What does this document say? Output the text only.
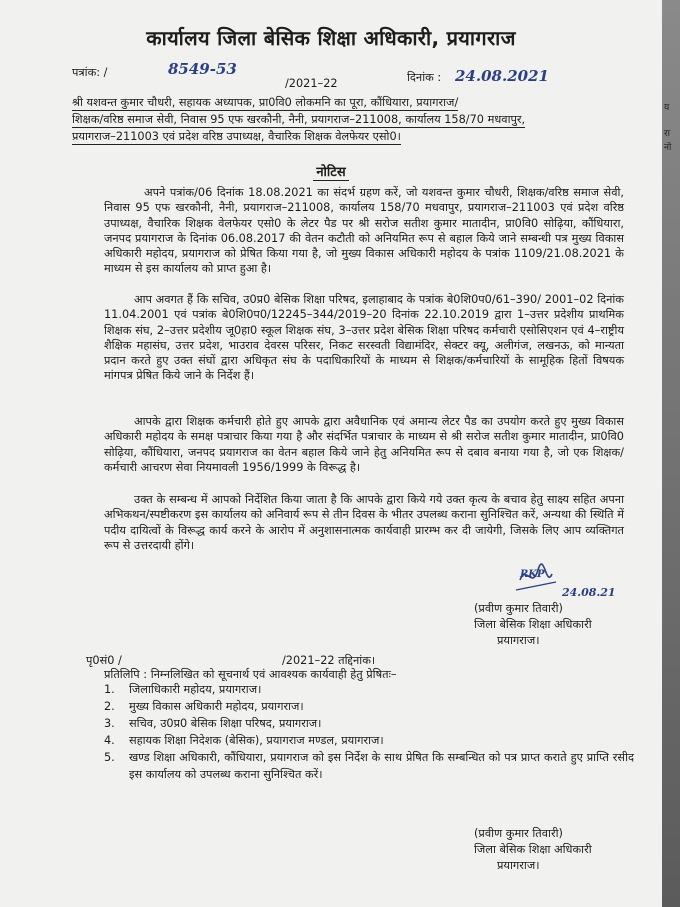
कार्यालय जिला बेसिक शिक्षा अधिकारी, प्रयागराज
पत्रांक: /	8549-53
/2021–22	दिनांक : 24.08.2021
श्री यशवन्त कुमार चौधरी, सहायक अध्यापक, प्रा0वि0 लोकमनि का पूरा, कौंधियारा, प्रयागराज/
शिक्षक/वरिष्ठ समाज सेवी, निवास 95 एफ खरकौनी, नैनी, प्रयागराज–211008, कार्यालय 158/70 मधवापुर,
प्रयागराज–211003 एवं प्रदेश वरिष्ठ उपाध्यक्ष, वैचारिक शिक्षक वेलफेयर एसो0।
नोटिस
अपने पत्रांक/06 दिनांक 18.08.2021 का संदर्भ ग्रहण करें, जो यशवन्त कुमार चौधरी, शिक्षक/वरिष्ठ समाज सेवी, निवास 95 एफ खरकौनी, नैनी, प्रयागराज–211008, कार्यालय 158/70 मधवापुर, प्रयागराज–211003 एवं प्रदेश वरिष्ठ उपाध्यक्ष, वैचारिक शिक्षक वेलफेयर एसो0 के लेटर पैड पर श्री सरोज सतीश कुमार मातादीन, प्रा0वि0 सोढ़िया, कौंधियारा, जनपद प्रयागराज के दिनांक 06.08.2017 की वेतन कटौती को अनियमित रूप से बहाल किये जाने सम्बन्धी पत्र मुख्य विकास अधिकारी महोदय, प्रयागराज को प्रेषित किया गया है, जो मुख्य विकास अधिकारी महोदय के पत्रांक 1109/21.08.2021 के माध्यम से इस कार्यालय को प्राप्त हुआ है।
आप अवगत हैं कि सचिव, उ0प्र0 बेसिक शिक्षा परिषद, इलाहाबाद के पत्रांक बे0शि0प0/61–390/ 2001–02 दिनांक 11.04.2001 एवं पत्रांक बे0शि0प0/12245–344/2019–20 दिनांक 22.10.2019 द्वारा 1–उत्तर प्रदेशीय प्राथमिक शिक्षक संघ, 2–उत्तर प्रदेशीय जू0हा0 स्कूल शिक्षक संघ, 3–उत्तर प्रदेश बेसिक शिक्षा परिषद कर्मचारी एसोसिएशन एवं 4–राष्ट्रीय शैक्षिक महासंघ, उत्तर प्रदेश, भाउराव देवरस परिसर, निकट सरस्वती विद्यामंदिर, सेक्टर क्यू, अलीगंज, लखनऊ, को मान्यता प्रदान करते हुए उक्त संघों द्वारा अधिकृत संघ के पदाधिकारियों के माध्यम से शिक्षक/कर्मचारियों के सामूहिक हितों विषयक मांगपत्र प्रेषित किये जाने के निर्देश हैं।
आपके द्वारा शिक्षक कर्मचारी होते हुए आपके द्वारा अवैधानिक एवं अमान्य लेटर पैड का उपयोग करते हुए मुख्य विकास अधिकारी महोदय के समक्ष पत्राचार किया गया है और संदर्भित पत्राचार के माध्यम से श्री सरोज सतीश कुमार मातादीन, प्रा0वि0 सोढ़िया, कौंधियारा, जनपद प्रयागराज का वेतन बहाल किये जाने हेतु अनियमित रूप से दबाव बनाया गया है, जो एक शिक्षक/कर्मचारी आचरण सेवा नियमावली 1956/1999 के विरूद्ध है।
उक्त के सम्बन्ध में आपको निर्देशित किया जाता है कि आपके द्वारा किये गये उक्त कृत्य के बचाव हेतु साक्ष्य सहित अपना अभिकथन/स्पष्टीकरण इस कार्यालय को अनिवार्य रूप से तीन दिवस के भीतर उपलब्ध कराना सुनिश्चित करें, अन्यथा की स्थिति में पदीय दायित्वों के विरूद्ध कार्य करने के आरोप में अनुशासनात्मक कार्यवाही प्रारम्भ कर दी जायेगी, जिसके लिए आप व्यक्तिगत रूप से उत्तरदायी होंगे।
RKP
24.08.21
(प्रवीण कुमार तिवारी)
जिला बेसिक शिक्षा अधिकारी
प्रयागराज।
पृ0सं0 /	/2021–22 तद्दिनांक।
प्रतिलिपि : निम्नलिखित को सूचनार्थ एवं आवश्यक कार्यवाही हेतु प्रेषितः–
1.	जिलाधिकारी महोदय, प्रयागराज।
2.	मुख्य विकास अधिकारी महोदय, प्रयागराज।
3.	सचिव, उ0प्र0 बेसिक शिक्षा परिषद, प्रयागराज।
4.	सहायक शिक्षा निदेशक (बेसिक), प्रयागराज मण्डल, प्रयागराज।
5.	खण्ड शिक्षा अधिकारी, कौंधियारा, प्रयागराज को इस निर्देश के साथ प्रेषित कि सम्बन्धित को पत्र प्राप्त कराते हुए प्राप्ति रसीद इस कार्यालय को उपलब्ध कराना सुनिश्चित करें।
(प्रवीण कुमार तिवारी)
जिला बेसिक शिक्षा अधिकारी
प्रयागराज।
य
रा
नो
